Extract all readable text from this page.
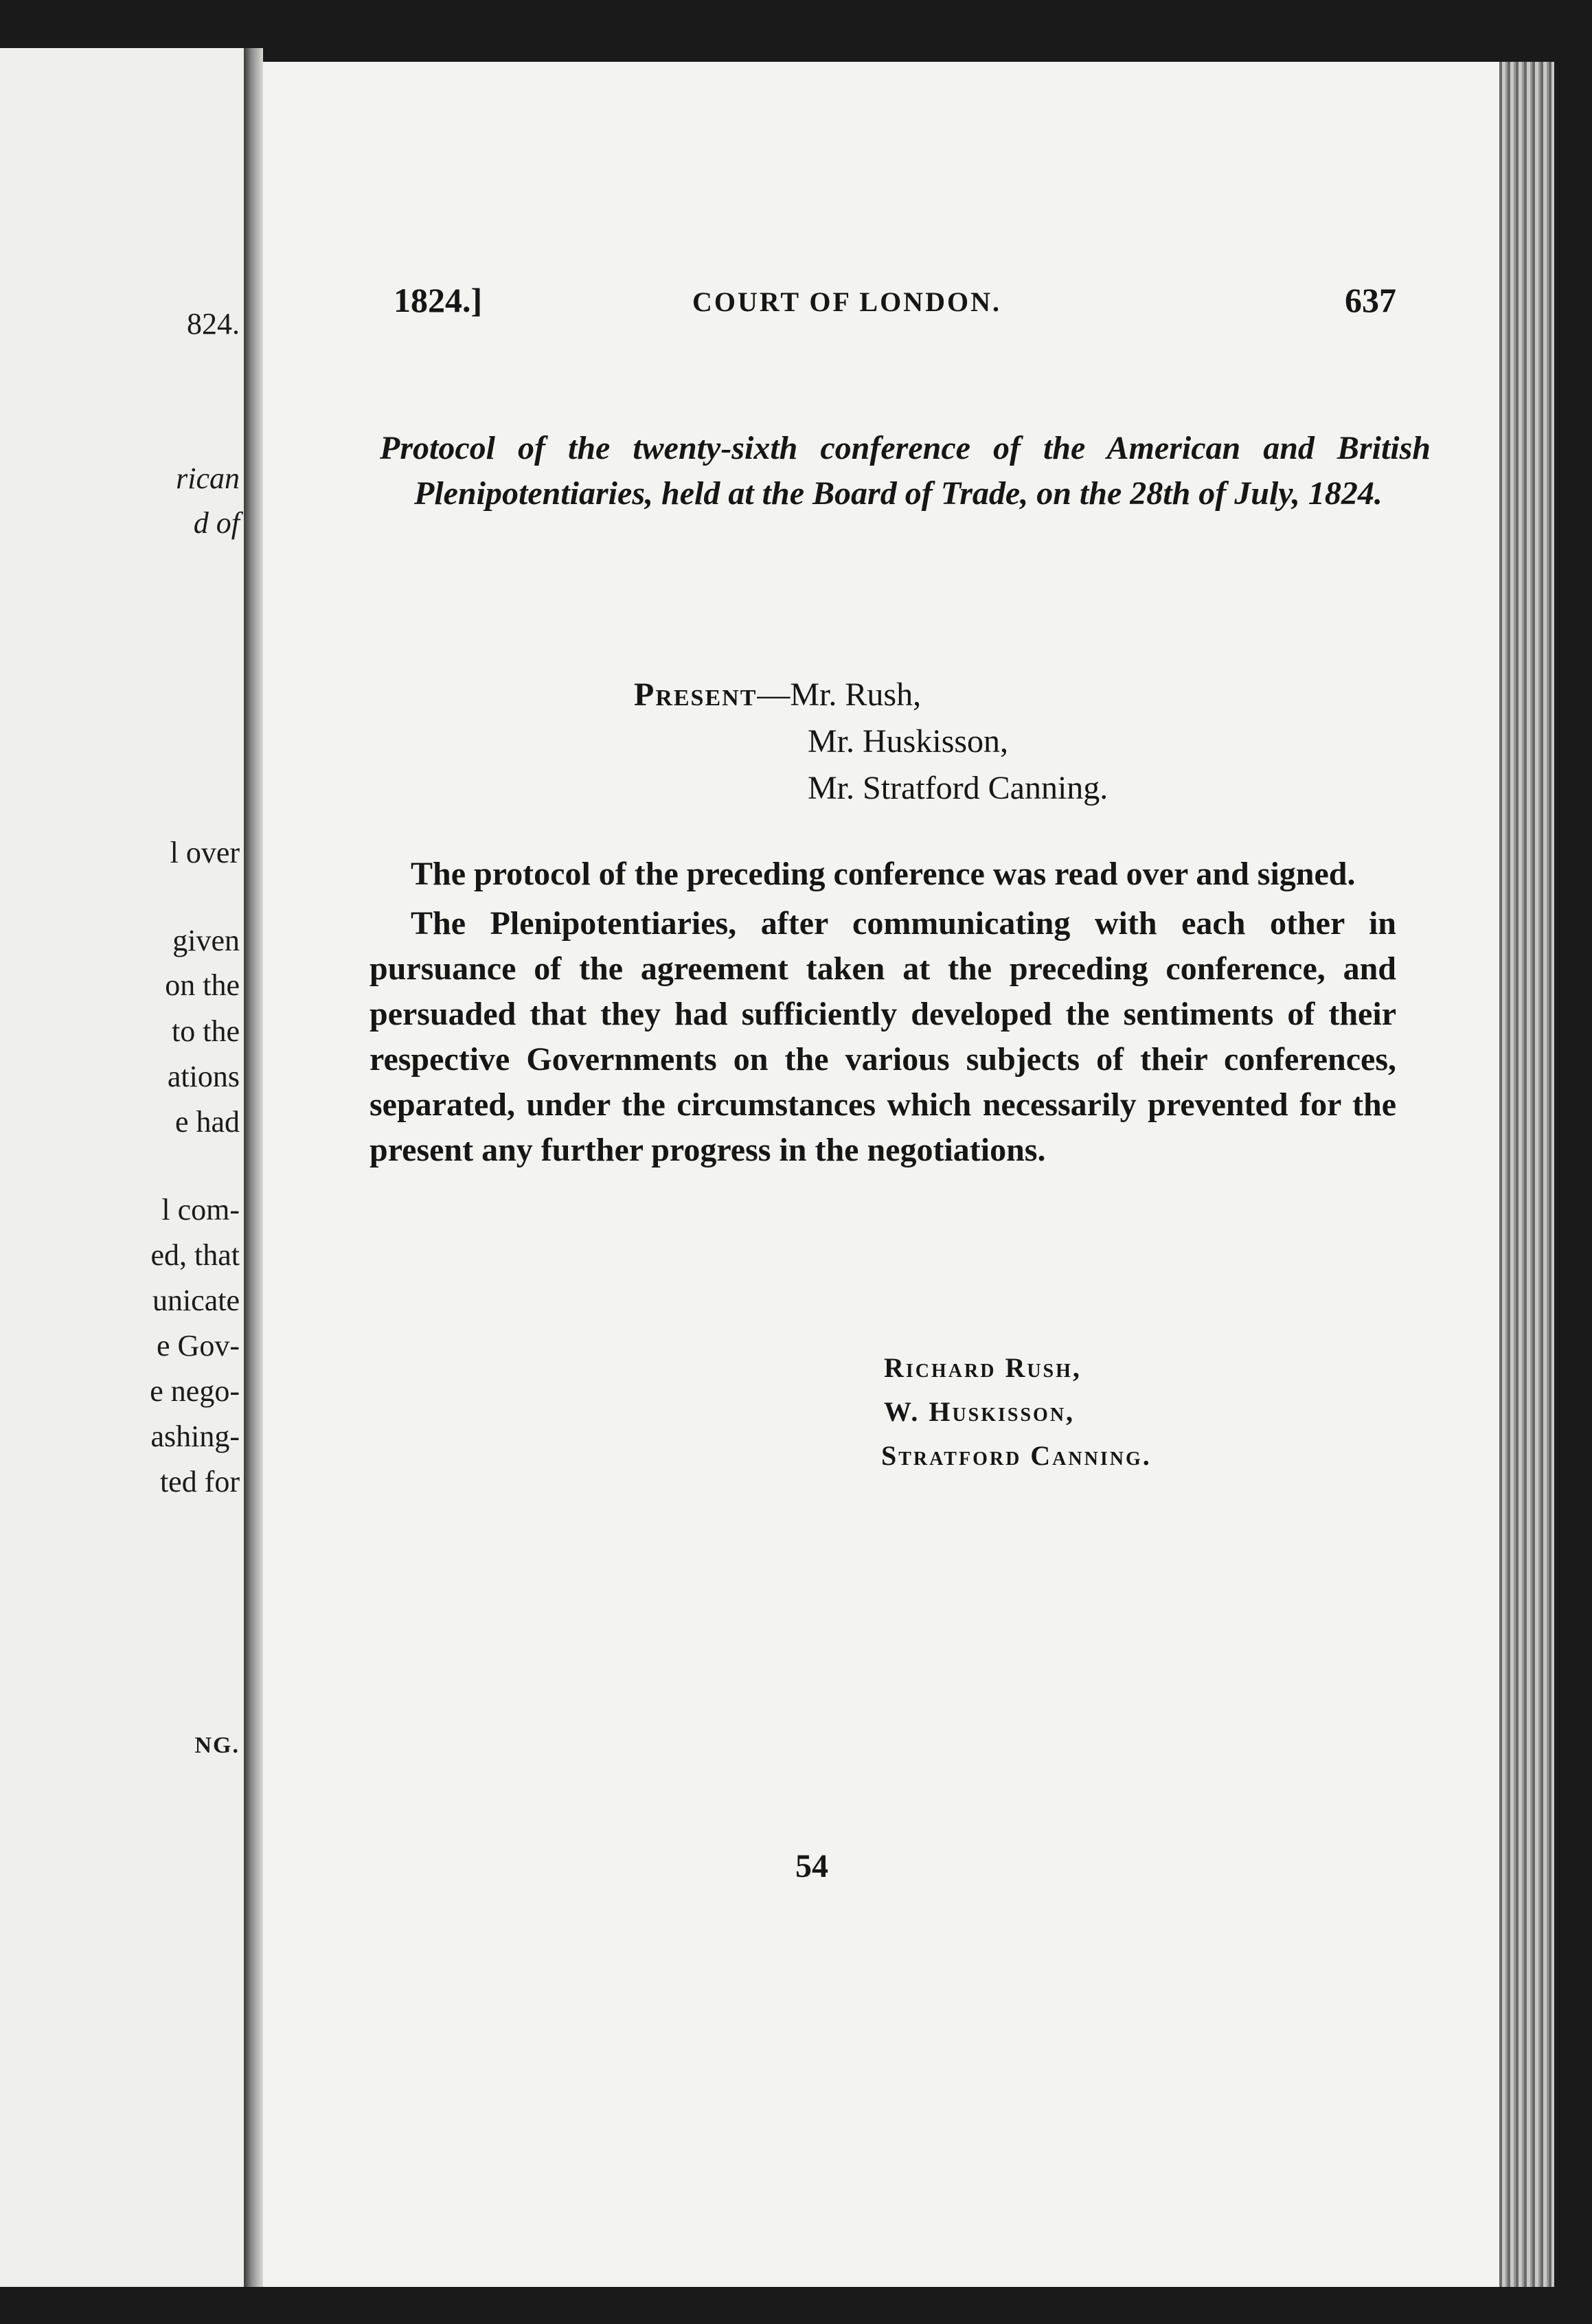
824.
rican
d of
l over
given
on the
to the
ations
e had
l com-
ed, that
unicate
e Gov-
e nego-
ashing-
ted for
NG.
1824.]	COURT OF LONDON.	637
Protocol of the twenty-sixth conference of the American and British Plenipotentiaries, held at the Board of Trade, on the 28th of July, 1824.
Present—Mr. Rush,
Mr. Huskisson,
Mr. Stratford Canning.

The protocol of the preceding conference was read over and signed.

The Plenipotentiaries, after communicating with each other in pursuance of the agreement taken at the preceding conference, and persuaded that they had sufficiently developed the sentiments of their respective Governments on the various subjects of their conferences, separated, under the circumstances which necessarily prevented for the present any further progress in the negotiations.

Richard Rush,
W. Huskisson,
Stratford Canning.
54
